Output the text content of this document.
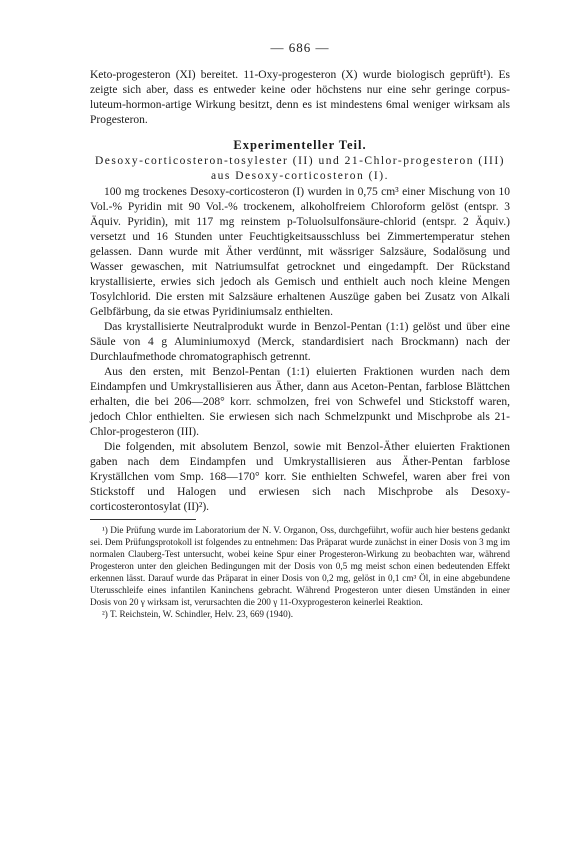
— 686 —

Keto-progesteron (XI) bereitet. 11-Oxy-progesteron (X) wurde biologisch geprüft¹). Es zeigte sich aber, dass es entweder keine oder höchstens nur eine sehr geringe corpus-luteum-hormon-artige Wirkung besitzt, denn es ist mindestens 6mal weniger wirksam als Progesteron.

Experimenteller Teil.
Desoxy-corticosteron-tosylester (II) und 21-Chlor-progesteron (III) aus Desoxy-corticosteron (I).

100 mg trockenes Desoxy-corticosteron (I) wurden in 0,75 cm³ einer Mischung von 10 Vol.-% Pyridin mit 90 Vol.-% trockenem, alkoholfreiem Chloroform gelöst (entspr. 3 Äquiv. Pyridin), mit 117 mg reinstem p-Toluolsulfonsäure-chlorid (entspr. 2 Äquiv.) versetzt und 16 Stunden unter Feuchtigkeitsausschluss bei Zimmertemperatur stehen gelassen. Dann wurde mit Äther verdünnt, mit wässriger Salzsäure, Sodalösung und Wasser gewaschen, mit Natriumsulfat getrocknet und eingedampft. Der Rückstand krystallisierte, erwies sich jedoch als Gemisch und enthielt auch noch kleine Mengen Tosylchlorid. Die ersten mit Salzsäure erhaltenen Auszüge gaben bei Zusatz von Alkali Gelbfärbung, da sie etwas Pyridiniumsalz enthielten.

Das krystallisierte Neutralprodukt wurde in Benzol-Pentan (1:1) gelöst und über eine Säule von 4 g Aluminiumoxyd (Merck, standardisiert nach Brockmann) nach der Durchlaufmethode chromatographisch getrennt.

Aus den ersten, mit Benzol-Pentan (1:1) eluierten Fraktionen wurden nach dem Eindampfen und Umkrystallisieren aus Äther, dann aus Aceton-Pentan, farblose Blättchen erhalten, die bei 206—208° korr. schmolzen, frei von Schwefel und Stickstoff waren, jedoch Chlor enthielten. Sie erwiesen sich nach Schmelzpunkt und Mischprobe als 21-Chlor-progesteron (III).

Die folgenden, mit absolutem Benzol, sowie mit Benzol-Äther eluierten Fraktionen gaben nach dem Eindampfen und Umkrystallisieren aus Äther-Pentan farblose Kryställchen vom Smp. 168—170° korr. Sie enthielten Schwefel, waren aber frei von Stickstoff und Halogen und erwiesen sich nach Mischprobe als Desoxy-corticosterontosylat (II)²).

¹) Die Prüfung wurde im Laboratorium der N. V. Organon, Oss, durchgeführt, wofür auch hier bestens gedankt sei. Dem Prüfungsprotokoll ist folgendes zu entnehmen: Das Präparat wurde zunächst in einer Dosis von 3 mg im normalen Clauberg-Test untersucht, wobei keine Spur einer Progesteron-Wirkung zu beobachten war, während Progesteron unter den gleichen Bedingungen mit der Dosis von 0,5 mg meist schon einen bedeutenden Effekt erkennen lässt. Darauf wurde das Präparat in einer Dosis von 0,2 mg, gelöst in 0,1 cm³ Öl, in eine abgebundene Uterusschleife eines infantilen Kaninchens gebracht. Während Progesteron unter diesen Umständen in einer Dosis von 20 γ wirksam ist, verursachten die 200 γ 11-Oxyprogesteron keinerlei Reaktion.

²) T. Reichstein, W. Schindler, Helv. 23, 669 (1940).
